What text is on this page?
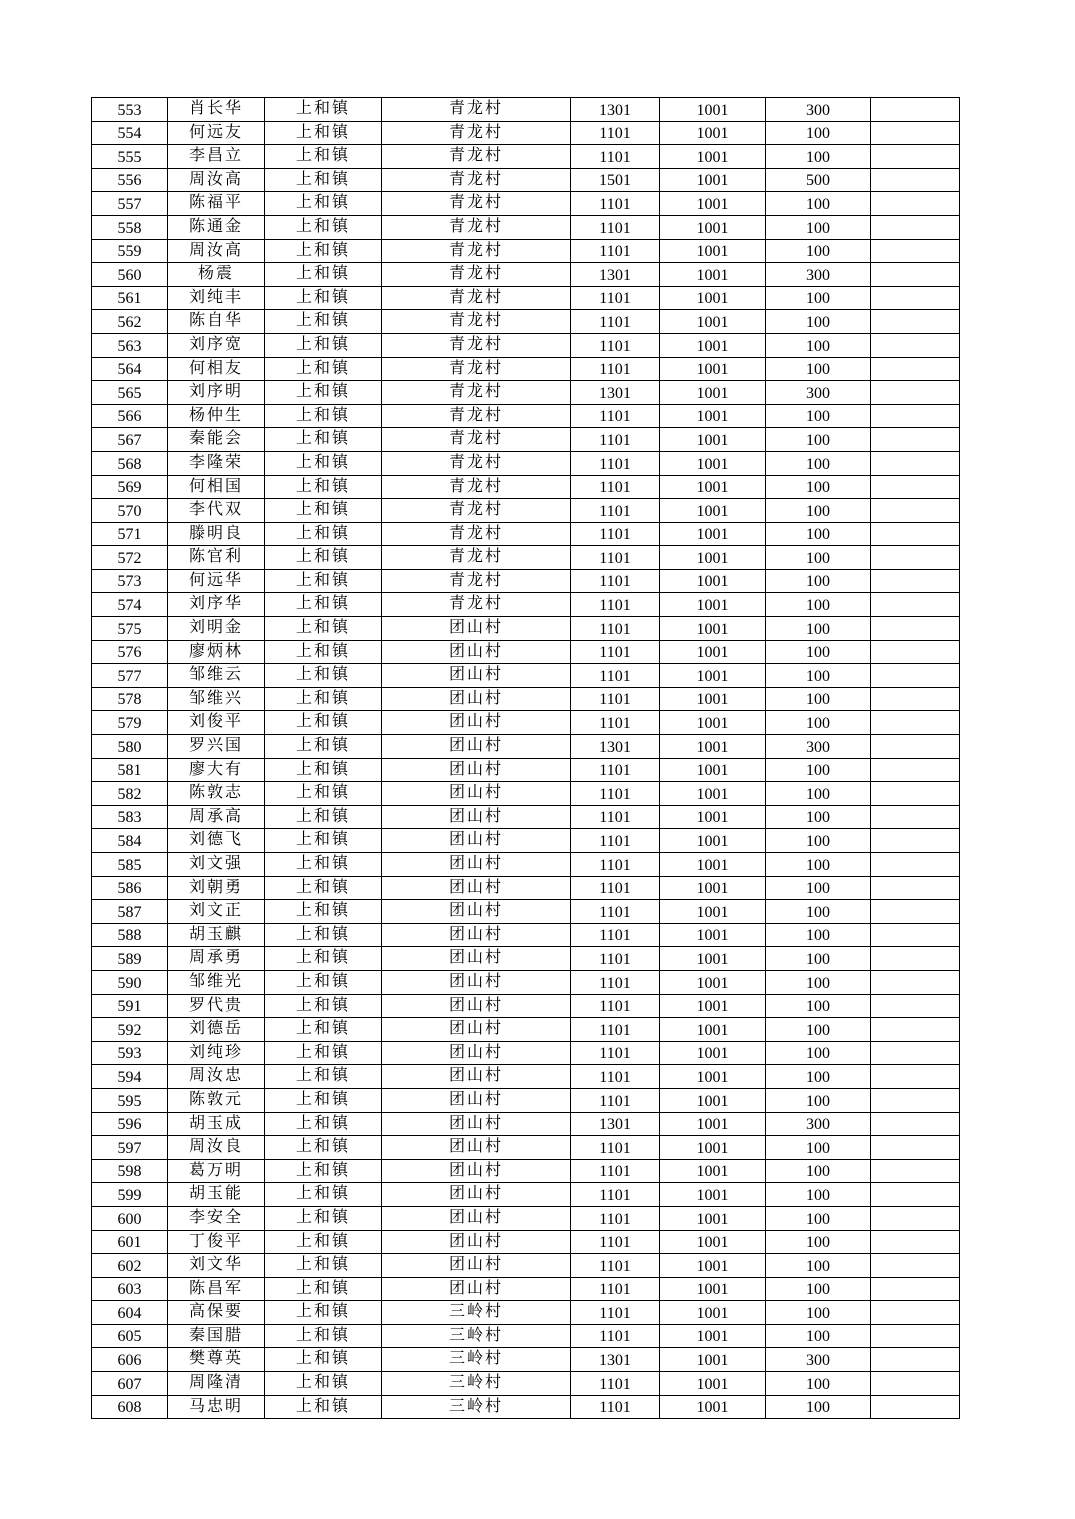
553	肖长华	上和镇	青龙村	1301	1001	300	
554	何远友	上和镇	青龙村	1101	1001	100	
555	李昌立	上和镇	青龙村	1101	1001	100	
556	周汝高	上和镇	青龙村	1501	1001	500	
557	陈福平	上和镇	青龙村	1101	1001	100	
558	陈通金	上和镇	青龙村	1101	1001	100	
559	周汝高	上和镇	青龙村	1101	1001	100	
560	杨震	上和镇	青龙村	1301	1001	300	
561	刘纯丰	上和镇	青龙村	1101	1001	100	
562	陈自华	上和镇	青龙村	1101	1001	100	
563	刘序宽	上和镇	青龙村	1101	1001	100	
564	何相友	上和镇	青龙村	1101	1001	100	
565	刘序明	上和镇	青龙村	1301	1001	300	
566	杨仲生	上和镇	青龙村	1101	1001	100	
567	秦能会	上和镇	青龙村	1101	1001	100	
568	李隆荣	上和镇	青龙村	1101	1001	100	
569	何相国	上和镇	青龙村	1101	1001	100	
570	李代双	上和镇	青龙村	1101	1001	100	
571	滕明良	上和镇	青龙村	1101	1001	100	
572	陈官利	上和镇	青龙村	1101	1001	100	
573	何远华	上和镇	青龙村	1101	1001	100	
574	刘序华	上和镇	青龙村	1101	1001	100	
575	刘明金	上和镇	团山村	1101	1001	100	
576	廖炳林	上和镇	团山村	1101	1001	100	
577	邹维云	上和镇	团山村	1101	1001	100	
578	邹维兴	上和镇	团山村	1101	1001	100	
579	刘俊平	上和镇	团山村	1101	1001	100	
580	罗兴国	上和镇	团山村	1301	1001	300	
581	廖大有	上和镇	团山村	1101	1001	100	
582	陈敦志	上和镇	团山村	1101	1001	100	
583	周承高	上和镇	团山村	1101	1001	100	
584	刘德飞	上和镇	团山村	1101	1001	100	
585	刘文强	上和镇	团山村	1101	1001	100	
586	刘朝勇	上和镇	团山村	1101	1001	100	
587	刘文正	上和镇	团山村	1101	1001	100	
588	胡玉麒	上和镇	团山村	1101	1001	100	
589	周承勇	上和镇	团山村	1101	1001	100	
590	邹维光	上和镇	团山村	1101	1001	100	
591	罗代贵	上和镇	团山村	1101	1001	100	
592	刘德岳	上和镇	团山村	1101	1001	100	
593	刘纯珍	上和镇	团山村	1101	1001	100	
594	周汝忠	上和镇	团山村	1101	1001	100	
595	陈敦元	上和镇	团山村	1101	1001	100	
596	胡玉成	上和镇	团山村	1301	1001	300	
597	周汝良	上和镇	团山村	1101	1001	100	
598	葛万明	上和镇	团山村	1101	1001	100	
599	胡玉能	上和镇	团山村	1101	1001	100	
600	李安全	上和镇	团山村	1101	1001	100	
601	丁俊平	上和镇	团山村	1101	1001	100	
602	刘文华	上和镇	团山村	1101	1001	100	
603	陈昌军	上和镇	团山村	1101	1001	100	
604	高保要	上和镇	三岭村	1101	1001	100	
605	秦国腊	上和镇	三岭村	1101	1001	100	
606	樊尊英	上和镇	三岭村	1301	1001	300	
607	周隆清	上和镇	三岭村	1101	1001	100	
608	马忠明	上和镇	三岭村	1101	1001	100	
